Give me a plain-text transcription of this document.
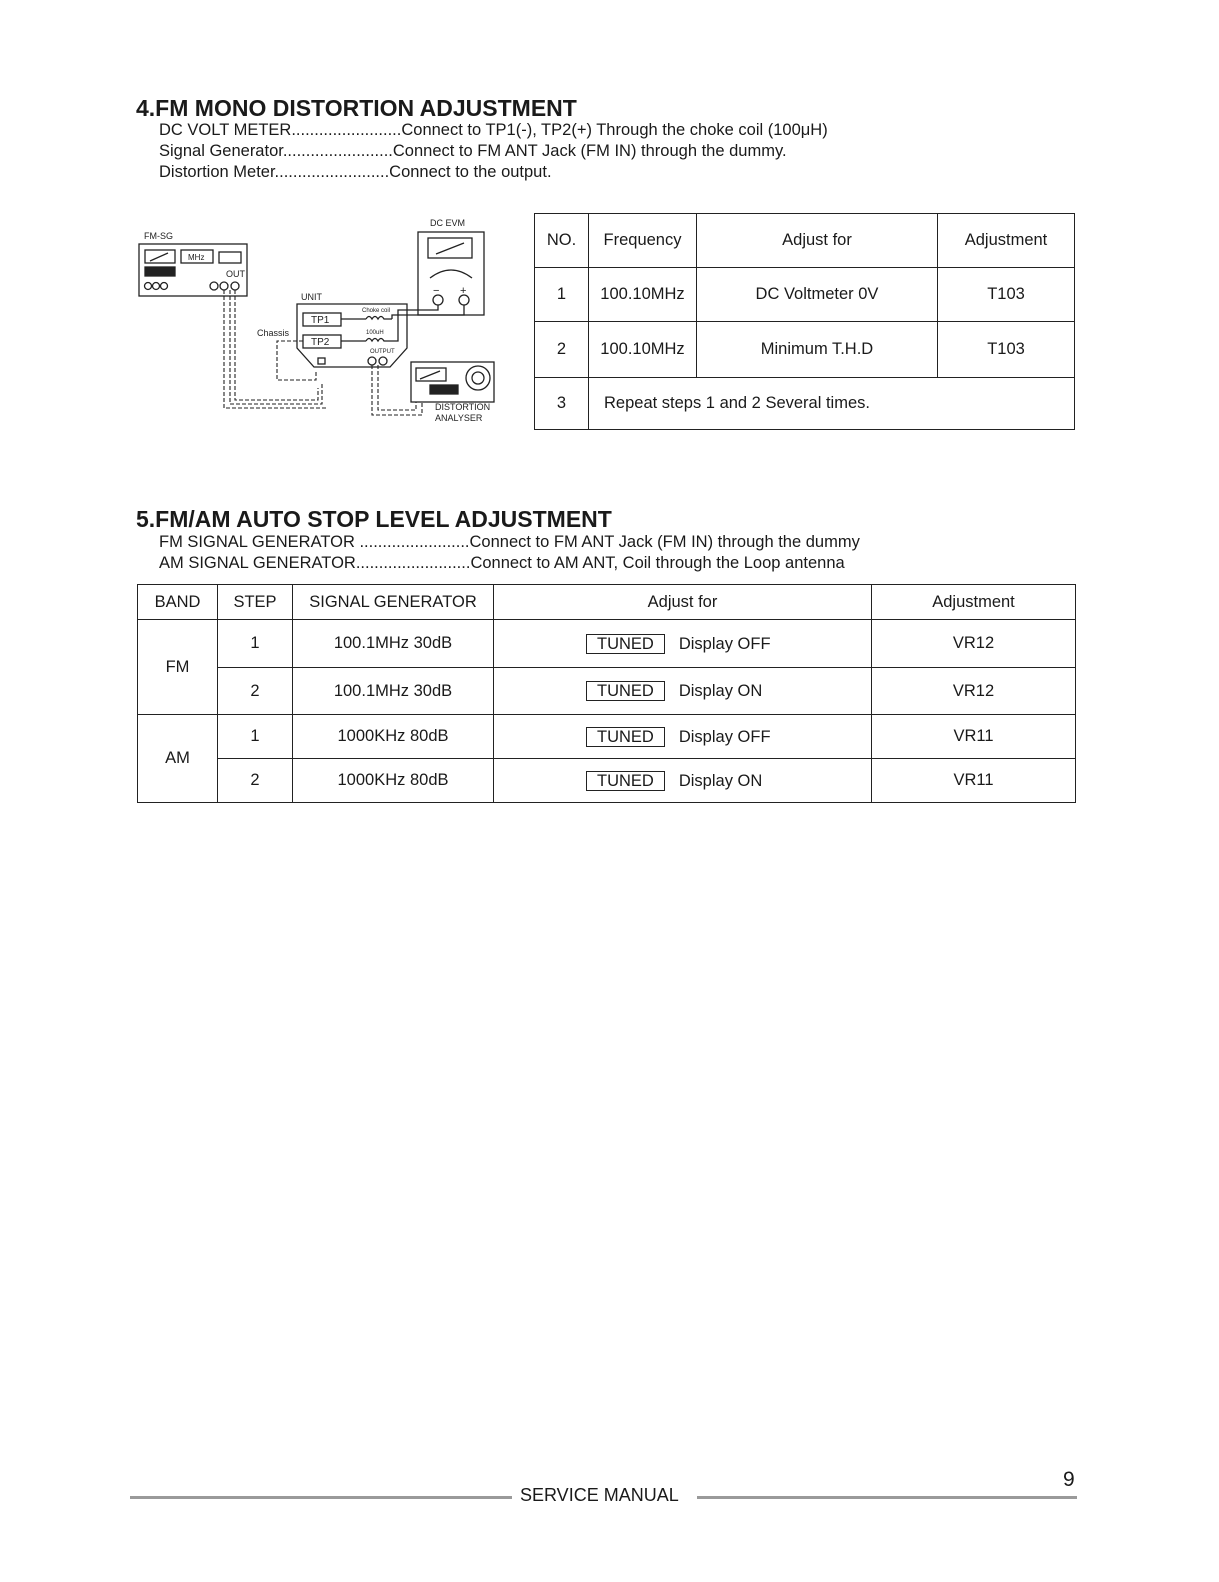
4.FM MONO DISTORTION ADJUSTMENT
DC VOLT METER........................Connect to TP1(-), TP2(+) Through the choke coil (100μH)
Signal Generator........................Connect to FM ANT Jack (FM IN) through the dummy.
Distortion Meter.........................Connect to the output.
FM-SG
MHz
OUT
DC EVM
− +
UNIT
Chassis
TP1
TP2
Choke coil
100uH
OUTPUT
DISTORTION
ANALYSER
NO.	Frequency	Adjust for	Adjustment
1	100.10MHz	DC Voltmeter 0V	T103
2	100.10MHz	Minimum T.H.D	T103
3	Repeat steps 1 and 2 Several times.		
5.FM/AM AUTO STOP LEVEL ADJUSTMENT
FM SIGNAL GENERATOR ........................Connect to FM ANT Jack (FM IN) through the dummy
AM SIGNAL GENERATOR.........................Connect to AM ANT, Coil through the Loop antenna
BAND	STEP	SIGNAL GENERATOR	Adjust for	Adjustment
FM	1	100.1MHz 30dB	TUNED Display OFF	VR12
	2	100.1MHz 30dB	TUNED Display ON	VR12
AM	1	1000KHz 80dB	TUNED Display OFF	VR11
	2	1000KHz 80dB	TUNED Display ON	VR11
SERVICE MANUAL
9
